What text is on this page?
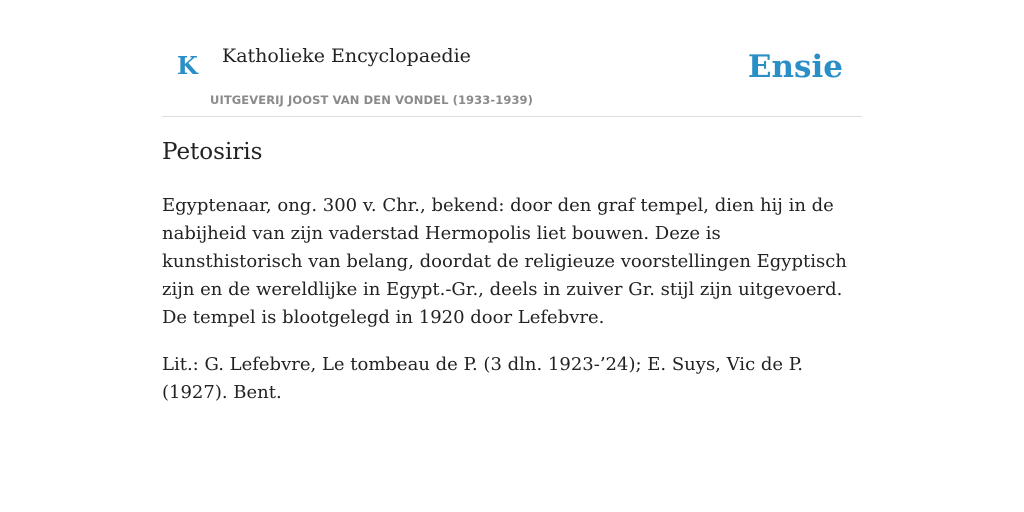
K Katholieke Encyclopaedie
UITGEVERIJ JOOST VAN DEN VONDEL (1933-1939)
Ensie
Petosiris

Egyptenaar, ong. 300 v. Chr., bekend: door den graf tempel, dien hij in de nabijheid van zijn vaderstad Hermopolis liet bouwen. Deze is kunsthistorisch van belang, doordat de religieuze voorstellingen Egyptisch zijn en de wereldlijke in Egypt.-Gr., deels in zuiver Gr. stijl zijn uitgevoerd. De tempel is blootgelegd in 1920 door Lefebvre.

Lit.: G. Lefebvre, Le tombeau de P. (3 dln. 1923-’24); E. Suys, Vic de P. (1927). Bent.
